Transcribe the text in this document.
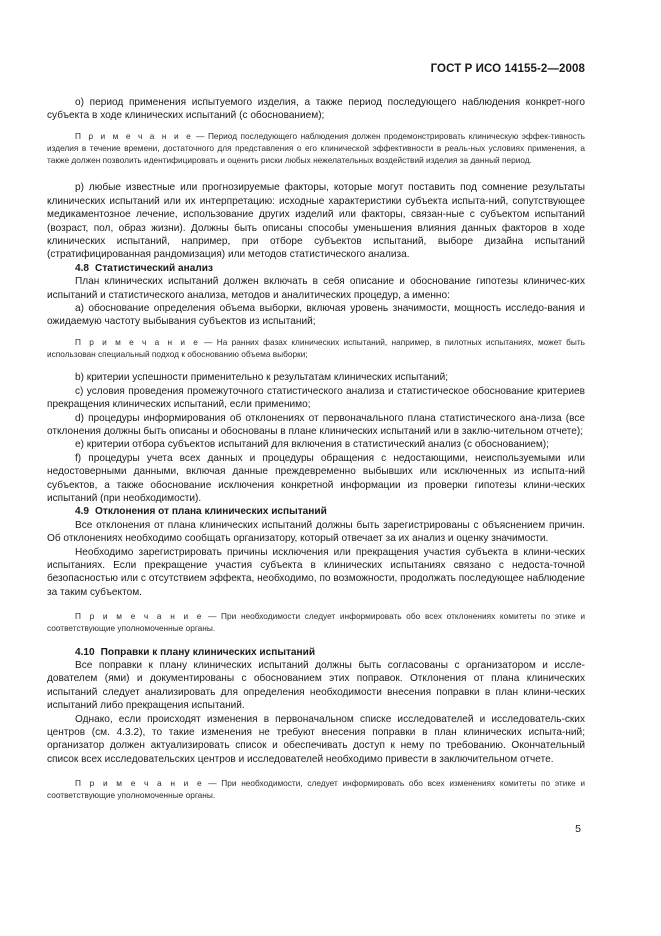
ГОСТ Р ИСО 14155-2—2008

о) период применения испытуемого изделия, а также период последующего наблюдения конкрет-ного субъекта в ходе клинических испытаний (с обоснованием);

П р и м е ч а н и е — Период последующего наблюдения должен продемонстрировать клиническую эффек-тивность изделия в течение времени, достаточного для представления о его клинической эффективности в реаль-ных условиях применения, а также должен позволить идентифицировать и оценить риски любых нежелательных воздействий изделия за данный период.

р) любые известные или прогнозируемые факторы, которые могут поставить под сомнение результаты клинических испытаний или их интерпретацию: исходные характеристики субъекта испыта-ний, сопутствующее медикаментозное лечение, использование других изделий или факторы, связан-ные с субъектом испытаний (возраст, пол, образ жизни). Должны быть описаны способы уменьшения влияния данных факторов в ходе клинических испытаний, например, при отборе субъектов испытаний, выборе дизайна испытаний (стратифицированная рандомизация) или методов статистического анализа.

4.8 Статистический анализ

План клинических испытаний должен включать в себя описание и обоснование гипотезы клиничес-ких испытаний и статистического анализа, методов и аналитических процедур, а именно:

а) обоснование определения объема выборки, включая уровень значимости, мощность исследо-вания и ожидаемую частоту выбывания субъектов из испытаний;

П р и м е ч а н и е — На ранних фазах клинических испытаний, например, в пилотных испытаниях, может быть использован специальный подход к обоснованию объема выборки;

b) критерии успешности применительно к результатам клинических испытаний;

с) условия проведения промежуточного статистического анализа и статистическое обоснование критериев прекращения клинических испытаний, если применимо;

d) процедуры информирования об отклонениях от первоначального плана статистического ана-лиза (все отклонения должны быть описаны и обоснованы в плане клинических испытаний или в заклю-чительном отчете);

е) критерии отбора субъектов испытаний для включения в статистический анализ (с обоснованием);

f) процедуры учета всех данных и процедуры обращения с недостающими, неиспользуемыми или недостоверными данными, включая данные преждевременно выбывших или исключенных из испыта-ний субъектов, а также обоснование исключения конкретной информации из проверки гипотезы клини-ческих испытаний (при необходимости).

4.9 Отклонения от плана клинических испытаний

Все отклонения от плана клинических испытаний должны быть зарегистрированы с объяснением причин. Об отклонениях необходимо сообщать организатору, который отвечает за их анализ и оценку значимости.

Необходимо зарегистрировать причины исключения или прекращения участия субъекта в клини-ческих испытаниях. Если прекращение участия субъекта в клинических испытаниях связано с недоста-точной безопасностью или с отсутствием эффекта, необходимо, по возможности, продолжать последующее наблюдение за таким субъектом.

П р и м е ч а н и е — При необходимости следует информировать обо всех отклонениях комитеты по этике и соответствующие уполномоченные органы.

4.10 Поправки к плану клинических испытаний

Все поправки к плану клинических испытаний должны быть согласованы с организатором и иссле-дователем (ями) и документированы с обоснованием этих поправок. Отклонения от плана клинических испытаний следует анализировать для определения необходимости внесения поправки в план клини-ческих испытаний либо прекращения испытаний.

Однако, если происходят изменения в первоначальном списке исследователей и исследователь-ских центров (см. 4.3.2), то такие изменения не требуют внесения поправки в план клинических испыта-ний; организатор должен актуализировать список и обеспечивать доступ к нему по требованию. Окончательный список всех исследовательских центров и исследователей необходимо привести в заключительном отчете.

П р и м е ч а н и е — При необходимости, следует информировать обо всех изменениях комитеты по этике и соответствующие уполномоченные органы.

5
